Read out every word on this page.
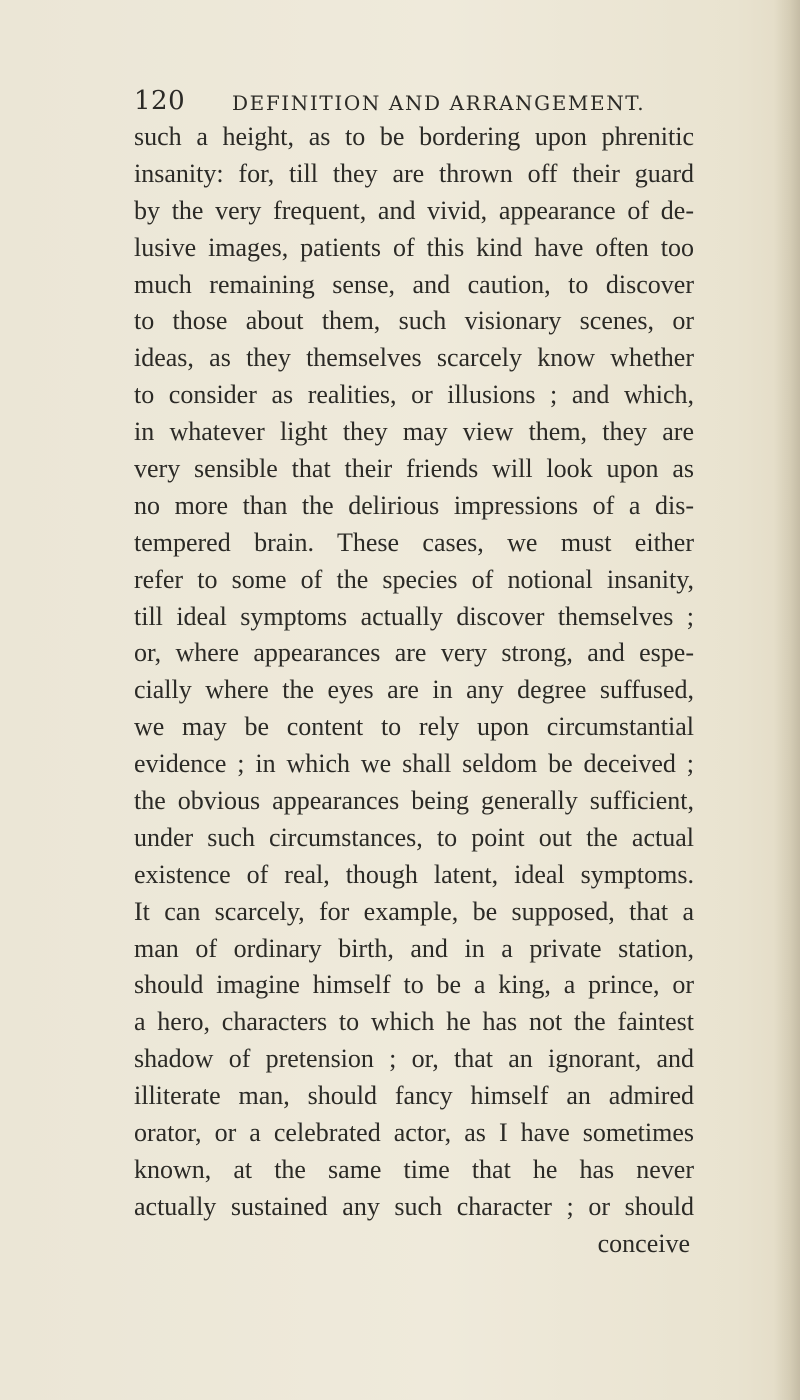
120 DEFINITION AND ARRANGEMENT.
such a height, as to be bordering upon phrenitic
insanity: for, till they are thrown off their guard
by the very frequent, and vivid, appearance of de-
lusive images, patients of this kind have often too
much remaining sense, and caution, to discover
to those about them, such visionary scenes, or
ideas, as they themselves scarcely know whether
to consider as realities, or illusions ; and which,
in whatever light they may view them, they are
very sensible that their friends will look upon as
no more than the delirious impressions of a dis-
tempered brain. These cases, we must either
refer to some of the species of notional insanity,
till ideal symptoms actually discover themselves ;
or, where appearances are very strong, and espe-
cially where the eyes are in any degree suffused,
we may be content to rely upon circumstantial
evidence ; in which we shall seldom be deceived ;
the obvious appearances being generally sufficient,
under such circumstances, to point out the actual
existence of real, though latent, ideal symptoms.
It can scarcely, for example, be supposed, that a
man of ordinary birth, and in a private station,
should imagine himself to be a king, a prince, or
a hero, characters to which he has not the faintest
shadow of pretension ; or, that an ignorant, and
illiterate man, should fancy himself an admired
orator, or a celebrated actor, as I have sometimes
known, at the same time that he has never
actually sustained any such character ; or should
conceive
